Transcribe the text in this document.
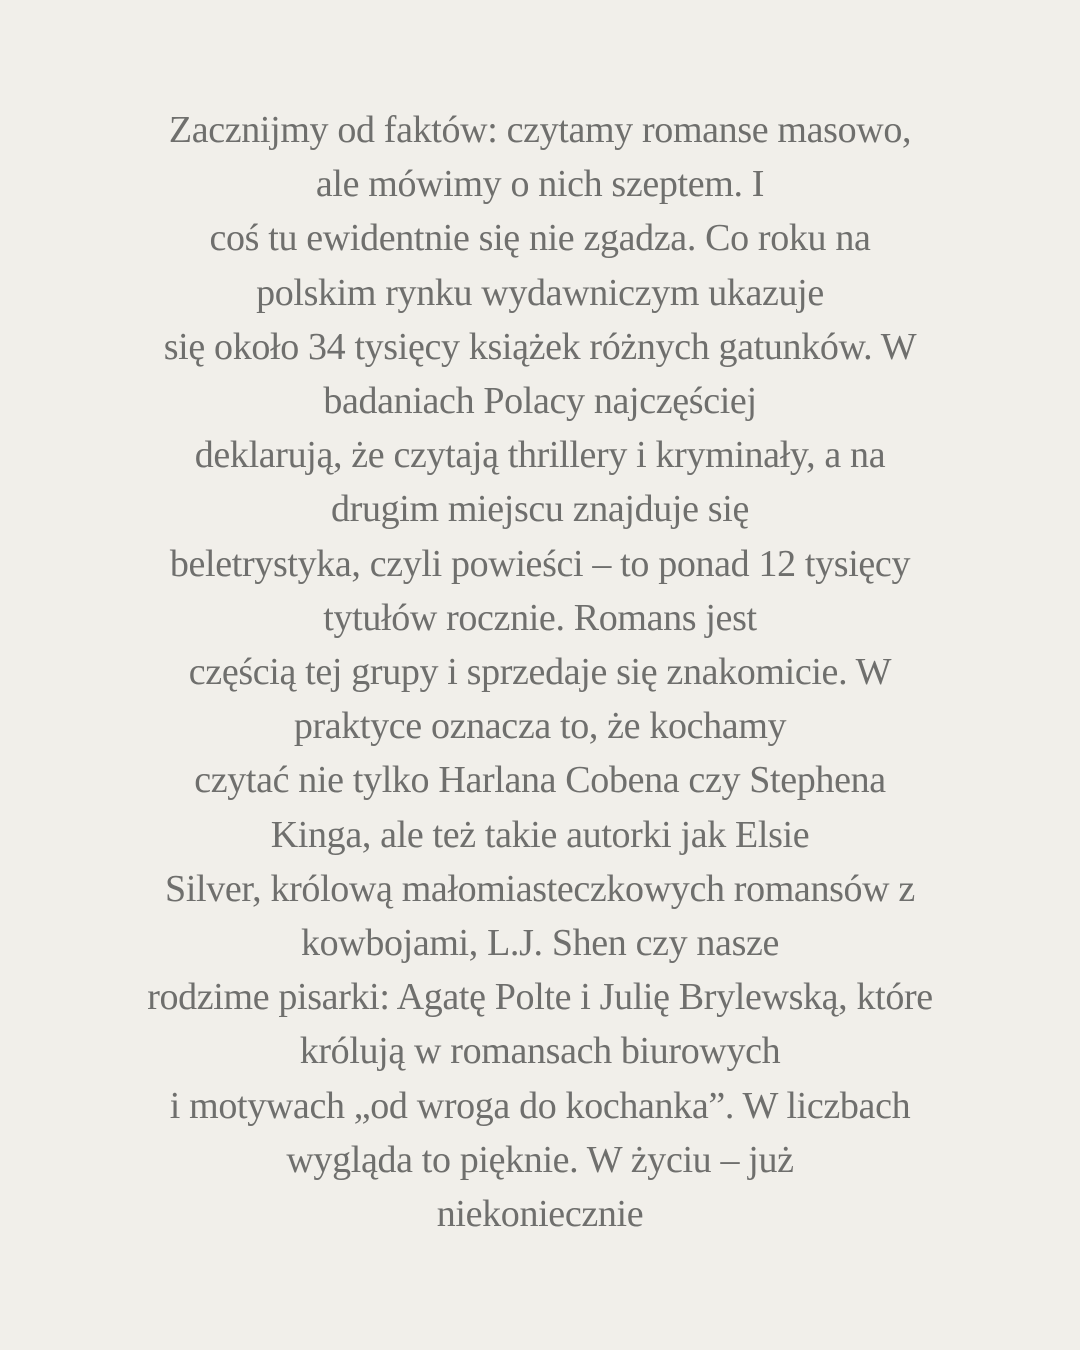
Zacznijmy od faktów: czytamy romanse masowo,
ale mówimy o nich szeptem. I
coś tu ewidentnie się nie zgadza. Co roku na
polskim rynku wydawniczym ukazuje
się około 34 tysięcy książek różnych gatunków. W
badaniach Polacy najczęściej
deklarują, że czytają thrillery i kryminały, a na
drugim miejscu znajduje się
beletrystyka, czyli powieści – to ponad 12 tysięcy
tytułów rocznie. Romans jest
częścią tej grupy i sprzedaje się znakomicie. W
praktyce oznacza to, że kochamy
czytać nie tylko Harlana Cobena czy Stephena
Kinga, ale też takie autorki jak Elsie
Silver, królową małomiasteczkowych romansów z
kowbojami, L.J. Shen czy nasze
rodzime pisarki: Agatę Polte i Julię Brylewską, które
królują w romansach biurowych
i motywach „od wroga do kochanka”. W liczbach
wygląda to pięknie. W życiu – już
niekoniecznie
